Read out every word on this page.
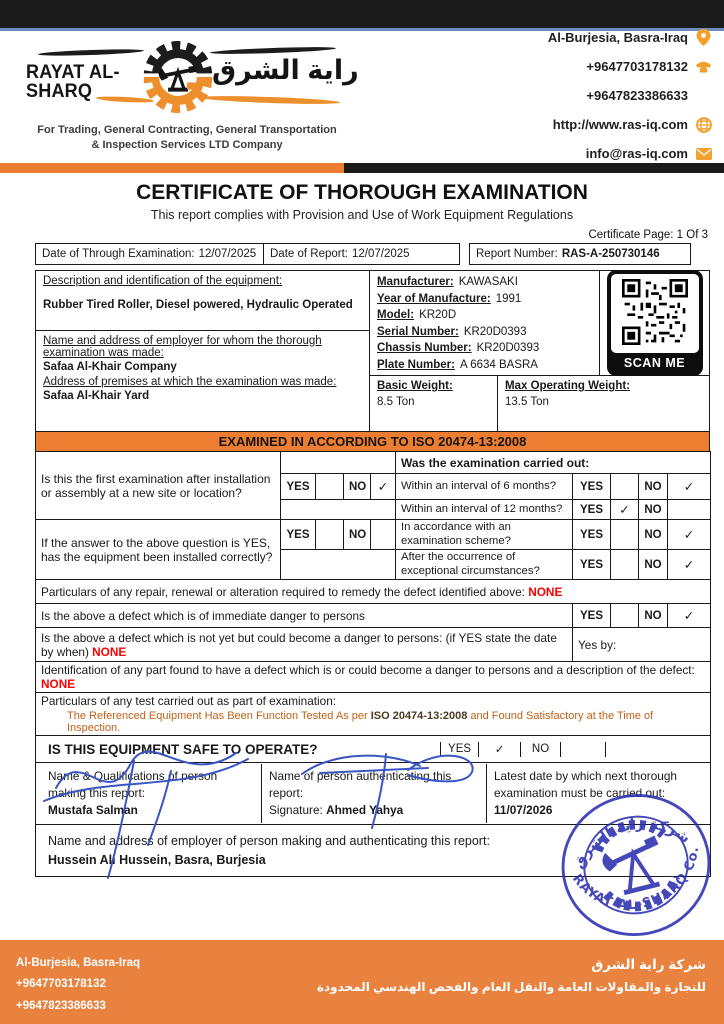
RAYAT AL-SHARQ
راية الشرق
For Trading, General Contracting, General Transportation
& Inspection Services LTD Company
Al-Burjesia, Basra-Iraq
+9647703178132
+9647823386633
http://www.ras-iq.com
info@ras-iq.com
CERTIFICATE OF THOROUGH EXAMINATION
This report complies with Provision and Use of Work Equipment Regulations
Certificate Page: 1 Of 3
Date of Through Examination: 12/07/2025 Date of Report: 12/07/2025	Report Number: RAS-A-250730146
Description and identification of the equipment:
Rubber Tired Roller, Diesel powered, Hydraulic Operated
Name and address of employer for whom the thorough examination was made:
Safaa Al-Khair Company
Address of premises at which the examination was made:
Safaa Al-Khair Yard
Manufacturer: KAWASAKI
Year of Manufacture: 1991
Model: KR20D
Serial Number: KR20D0393
Chassis Number: KR20D0393
Plate Number: A 6634 BASRA	SCAN ME
Basic Weight:
8.5 Ton
Max Operating Weight:
13.5 Ton
EXAMINED IN ACCORDING TO ISO 20474-13:2008
Is this the first examination after installation or assembly at a new site or location?					Was the examination carried out:				
	YES		NO	✓	Within an interval of 6 months?	YES		NO	✓
					Within an interval of 12 months?	YES	✓	NO	
If the answer to the above question is YES, has the equipment been installed correctly?	YES		NO		In accordance with an examination scheme?	YES		NO	✓
					After the occurrence of exceptional circumstances?	YES		NO	✓
Particulars of any repair, renewal or alteration required to remedy the defect identified above: NONE									
Is the above a defect which is of immediate danger to persons						YES		NO	✓
Is the above a defect which is not yet but could become a danger to persons: (if YES state the date by when) NONE						Yes by:			
Identification of any part found to have a defect which is or could become a danger to persons and a description of the defect: NONE									

Particulars of any test carried out as part of examination:
The Referenced Equipment Has Been Function Tested As per ISO 20474-13:2008 and Found Satisfactory at the Time of Inspection.									

IS THIS EQUIPMENT SAFE TO OPERATE? YES ✓ NO									

Name & Qualifications of person making this report:
Mustafa Salman
Name of person authenticating this report:
Signature: Ahmed Yahya
Latest date by which next thorough examination must be carried out:
11/07/2026

Name and address of employer of person making and authenticating this report:
Hussein Ali Hussein, Basra, Burjesia										شركة راية الشرق
RAYAT AL-SHARQ Co.
Al-Burjesia, Basra-Iraq
+9647703178132
+9647823386633
شركة راية الشرق
للتجارة والمقاولات العامة والنقل العام والفحص الهندسي المحدودة
